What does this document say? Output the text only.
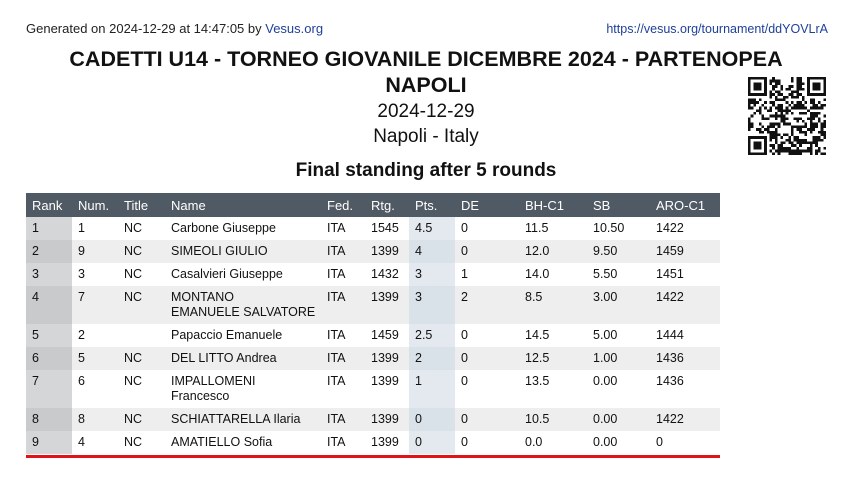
Generated on 2024-12-29 at 14:47:05 by Vesus.org	https://vesus.org/tournament/ddYOVLrA
CADETTI U14 - TORNEO GIOVANILE DICEMBRE 2024 - PARTENOPEA NAPOLI
2024-12-29
Napoli - Italy
Final standing after 5 rounds
Rank	Num.	Title	Name	Fed.	Rtg.	Pts.	DE	BH-C1	SB	ARO-C1
1	1	NC	Carbone Giuseppe	ITA	1545	4.5	0	11.5	10.50	1422
2	9	NC	SIMEOLI GIULIO	ITA	1399	4	0	12.0	9.50	1459
3	3	NC	Casalvieri Giuseppe	ITA	1432	3	1	14.0	5.50	1451
4	7	NC	MONTANO
EMANUELE SALVATORE	ITA	1399	3	2	8.5	3.00	1422
5	2		Papaccio Emanuele	ITA	1459	2.5	0	14.5	5.00	1444
6	5	NC	DEL LITTO Andrea	ITA	1399	2	0	12.5	1.00	1436
7	6	NC	IMPALLOMENI
Francesco	ITA	1399	1	0	13.5	0.00	1436
8	8	NC	SCHIATTARELLA Ilaria	ITA	1399	0	0	10.5	0.00	1422
9	4	NC	AMATIELLO Sofia	ITA	1399	0	0	0.0	0.00	0
